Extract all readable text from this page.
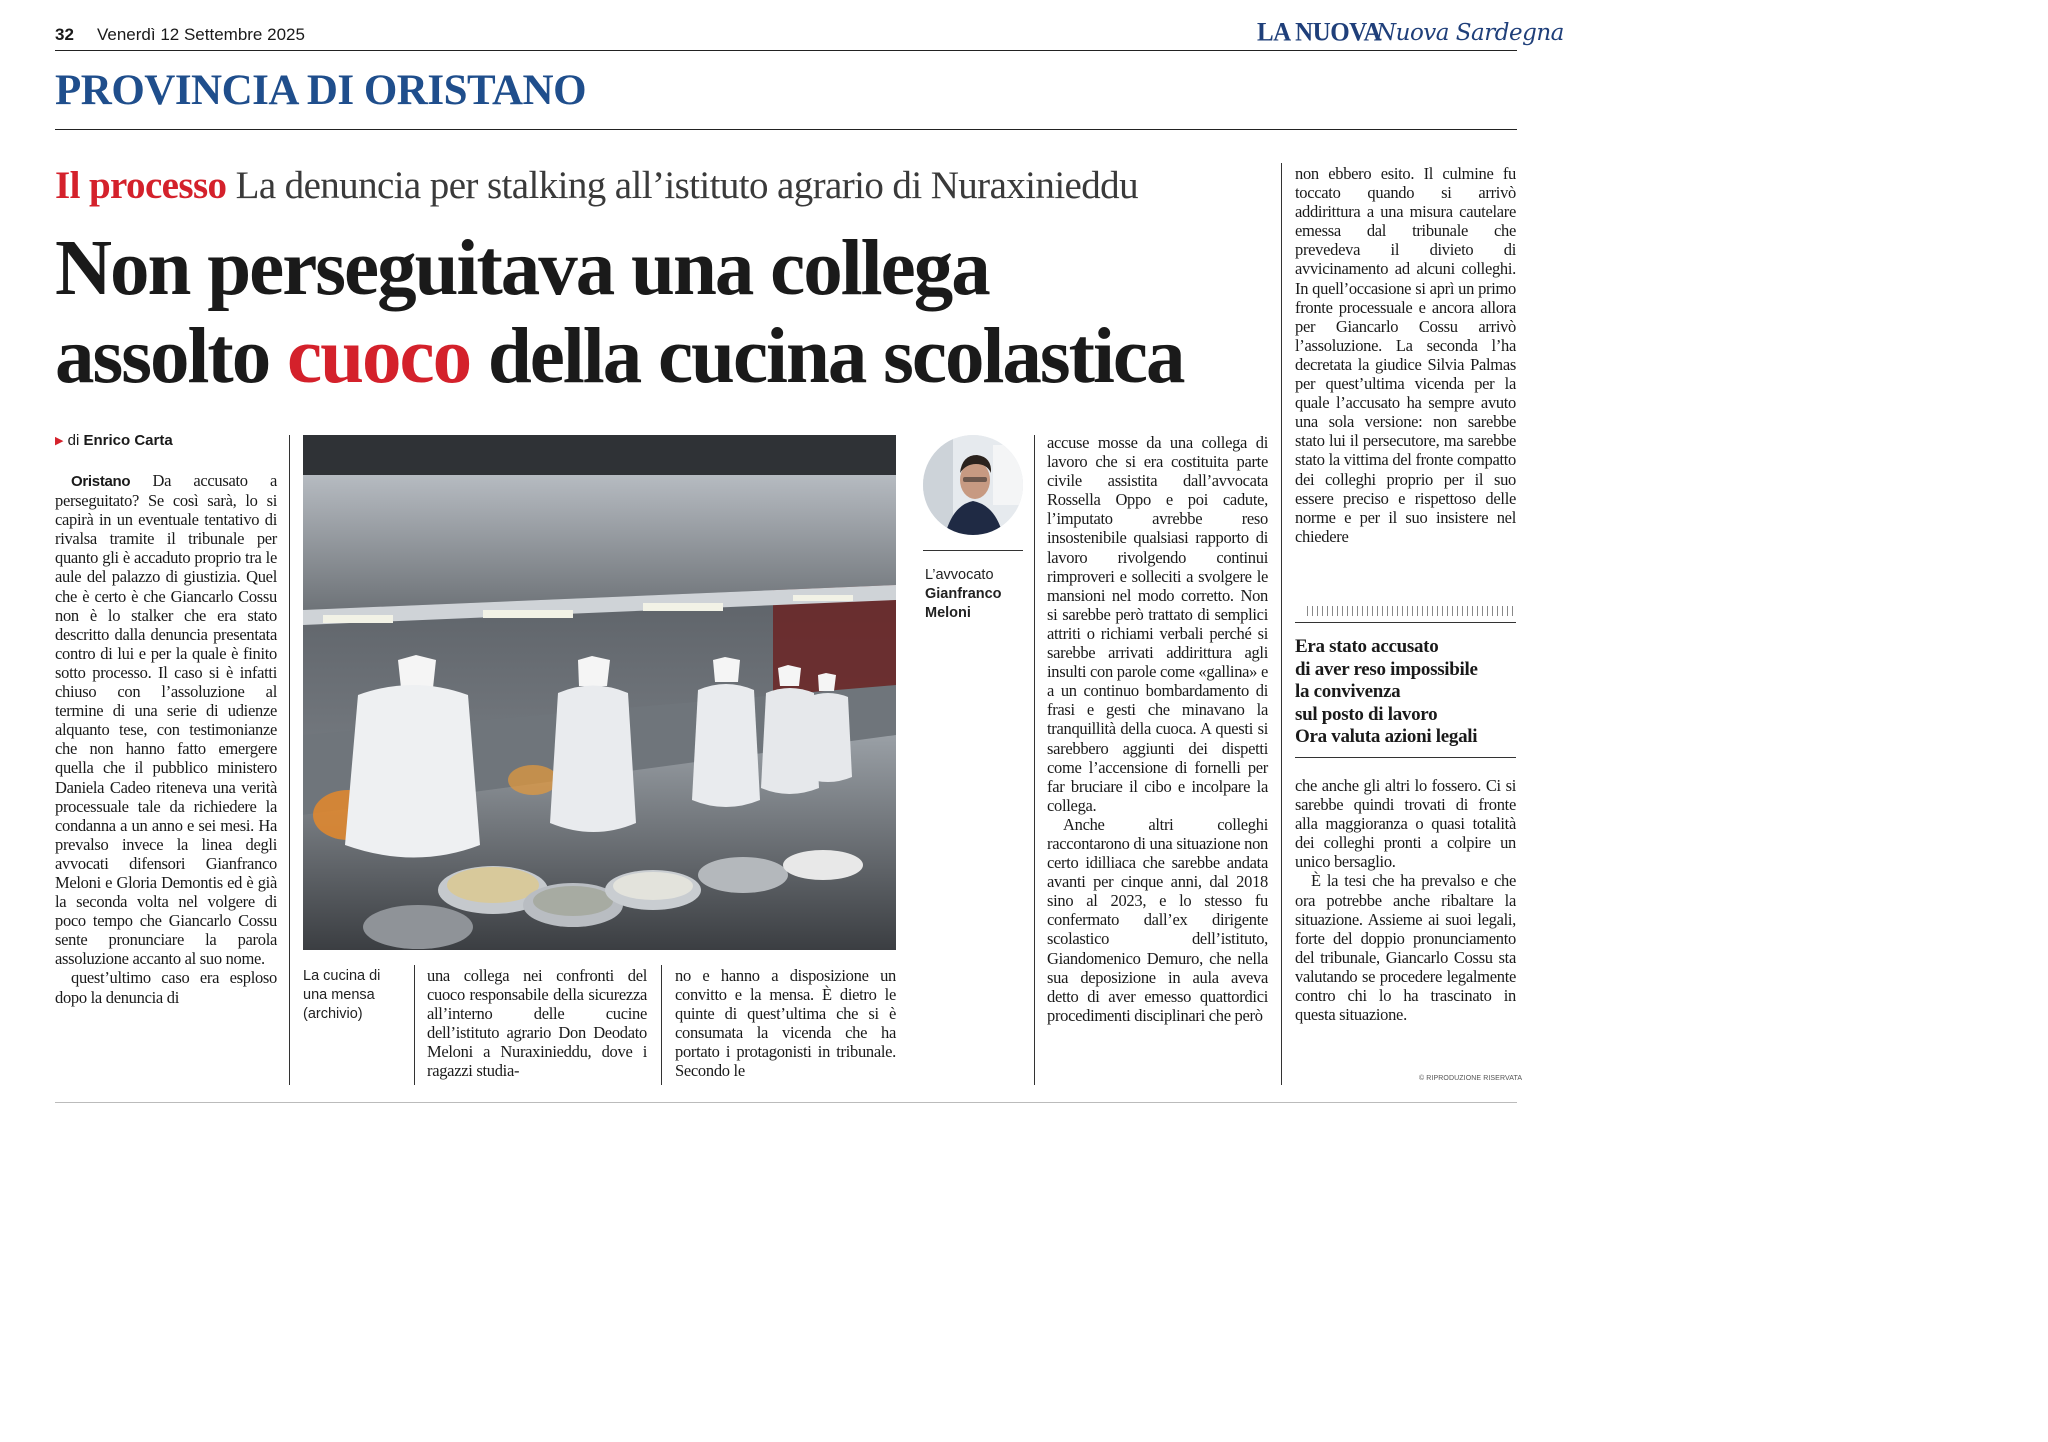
32 Venerdì 12 Settembre 2025	LA NUOVA
Nuova Sardegna
PROVINCIA DI ORISTANO
Il processo La denuncia per stalking all’istituto agrario di Nuraxinieddu
Non perseguitava una collega
assolto cuoco della cucina scolastica
▶ di Enrico Carta

Oristano Da accusato a perseguitato? Se così sarà, lo si capirà in un eventuale tentativo di rivalsa tramite il tribunale per quanto gli è accaduto proprio tra le aule del palazzo di giustizia. Quel che è certo è che Giancarlo Cossu non è lo stalker che era stato descritto dalla denuncia presentata contro di lui e per la quale è finito sotto processo. Il caso si è infatti chiuso con l’assoluzione al termine di una serie di udienze alquanto tese, con testimonianze che non hanno fatto emergere quella che il pubblico ministero Daniela Cadeo riteneva una verità processuale tale da richiedere la condanna a un anno e sei mesi. Ha prevalso invece la linea degli avvocati difensori Gianfranco Meloni e Gloria Demontis ed è già la seconda volta nel volgere di poco tempo che Giancarlo Cossu sente pronunciare la parola assoluzione accanto al suo nome.

quest’ultimo caso era esploso dopo la denuncia di

La cucina di
una mensa
(archivio)

una collega nei confronti del cuoco responsabile della sicurezza all’interno delle cucine dell’istituto agrario Don Deodato Meloni a Nuraxinieddu, dove i ragazzi studia-

no e hanno a disposizione un convitto e la mensa. È dietro le quinte di quest’ultima che si è consumata la vicenda che ha portato i protagonisti in tribunale. Secondo le

L’avvocato
Gianfranco
Meloni

accuse mosse da una collega di lavoro che si era costituita parte civile assistita dall’avvocata Rossella Oppo e poi cadute, l’imputato avrebbe reso insostenibile qualsiasi rapporto di lavoro rivolgendo continui rimproveri e solleciti a svolgere le mansioni nel modo corretto. Non si sarebbe però trattato di semplici attriti o richiami verbali perché si sarebbe arrivati addirittura agli insulti con parole come «gallina» e a un continuo bombardamento di frasi e gesti che minavano la tranquillità della cuoca. A questi si sarebbero aggiunti dei dispetti come l’accensione di fornelli per far bruciare il cibo e incolpare la collega.

Anche altri colleghi raccontarono di una situazione non certo idilliaca che sarebbe andata avanti per cinque anni, dal 2018 sino al 2023, e lo stesso fu confermato dall’ex dirigente scolastico dell’istituto, Giandomenico Demuro, che nella sua deposizione in aula aveva detto di aver emesso quattordici procedimenti disciplinari che però

non ebbero esito. Il culmine fu toccato quando si arrivò addirittura a una misura cautelare emessa dal tribunale che prevedeva il divieto di avvicinamento ad alcuni colleghi. In quell’occasione si aprì un primo fronte processuale e ancora allora per Giancarlo Cossu arrivò l’assoluzione. La seconda l’ha decretata la giudice Silvia Palmas per quest’ultima vicenda per la quale l’accusato ha sempre avuto una sola versione: non sarebbe stato lui il persecutore, ma sarebbe stato la vittima del fronte compatto dei colleghi proprio per il suo essere preciso e rispettoso delle norme e per il suo insistere nel chiedere

Era stato accusato
di aver reso impossibile
la convivenza
sul posto di lavoro
Ora valuta azioni legali

che anche gli altri lo fossero. Ci si sarebbe quindi trovati di fronte alla maggioranza o quasi totalità dei colleghi pronti a colpire un unico bersaglio.

È la tesi che ha prevalso e che ora potrebbe anche ribaltare la situazione. Assieme ai suoi legali, forte del doppio pronunciamento del tribunale, Giancarlo Cossu sta valutando se procedere legalmente contro chi lo ha trascinato in questa situazione.

© RIPRODUZIONE RISERVATA
